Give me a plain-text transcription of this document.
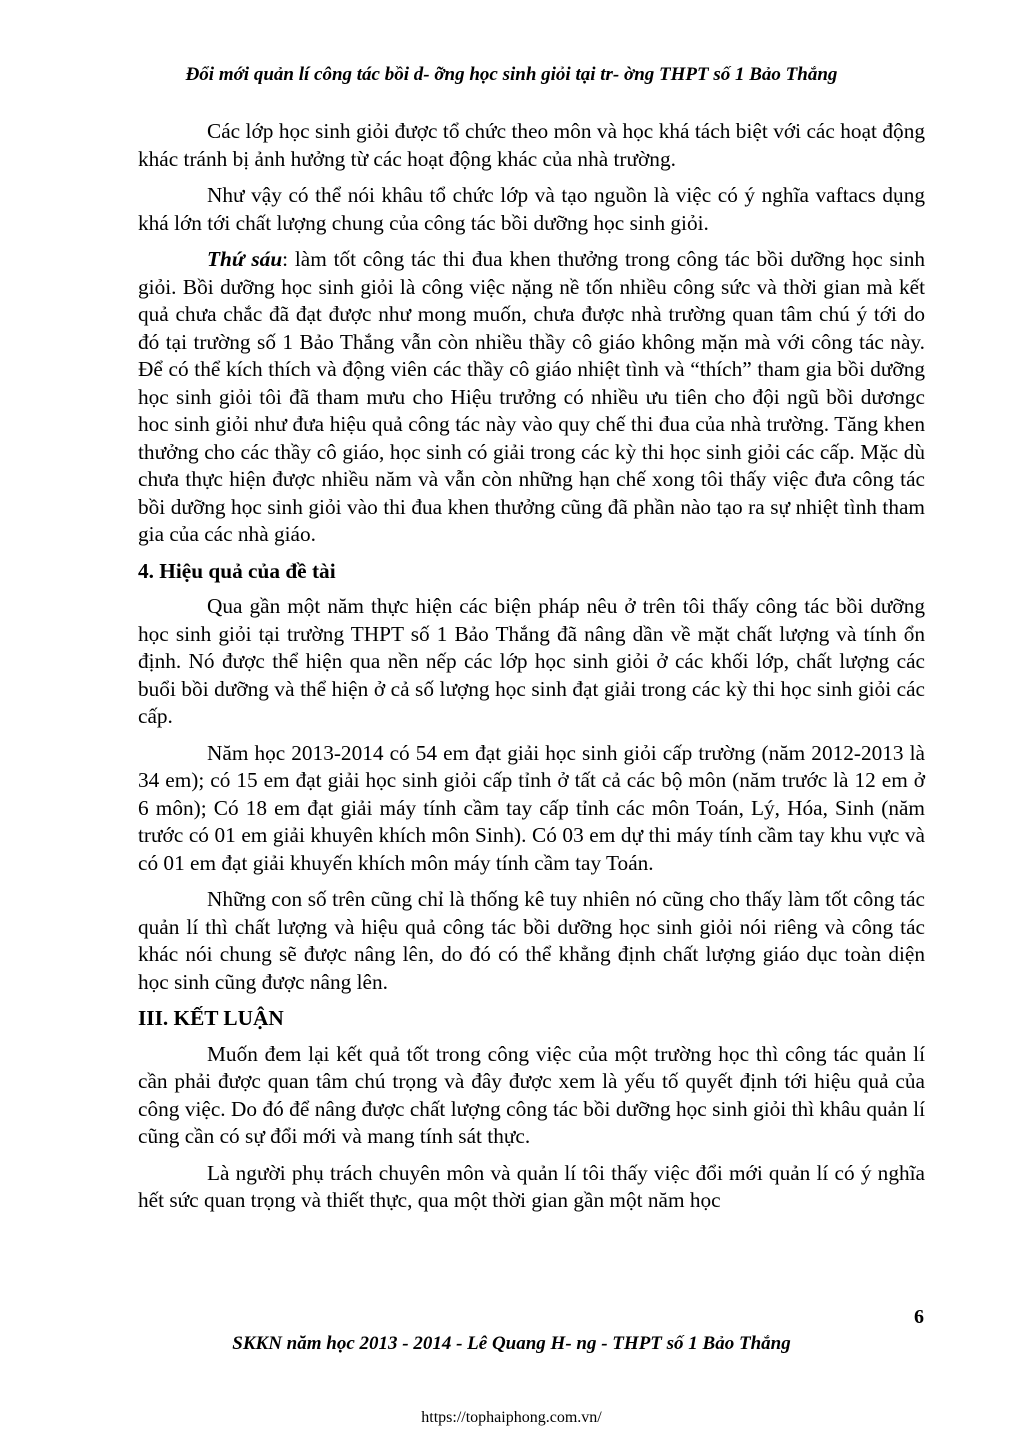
Đổi mới quản lí công tác bồi d- ỡng học sinh giỏi tại tr- ờng THPT số 1 Bảo Thắng

Các lớp học sinh giỏi được tổ chức theo môn và học khá tách biệt với các hoạt động khác tránh bị ảnh hưởng từ các hoạt động khác của nhà trường.

Như vậy có thể nói khâu tổ chức lớp và tạo nguồn là việc có ý nghĩa vaftacs dụng khá lớn tới chất lượng chung của công tác bồi dưỡng học sinh giỏi.

Thứ sáu: làm tốt công tác thi đua khen thưởng trong công tác bồi dưỡng học sinh giỏi. Bồi dưỡng học sinh giỏi là công việc nặng nề tốn nhiều công sức và thời gian mà kết quả chưa chắc đã đạt được như mong muốn, chưa được nhà trường quan tâm chú ý tới do đó tại trường số 1 Bảo Thắng vẫn còn nhiều thầy cô giáo không mặn mà với công tác này. Để có thể kích thích và động viên các thầy cô giáo nhiệt tình và “thích” tham gia bồi dưỡng học sinh giỏi tôi đã tham mưu cho Hiệu trưởng có nhiều ưu tiên cho đội ngũ bồi dươngc hoc sinh giỏi như đưa hiệu quả công tác này vào quy chế thi đua của nhà trường. Tăng khen thưởng cho các thầy cô giáo, học sinh có giải trong các kỳ thi học sinh giỏi các cấp. Mặc dù chưa thực hiện được nhiều năm và vẫn còn những hạn chế xong tôi thấy việc đưa công tác bồi dưỡng học sinh giỏi vào thi đua khen thưởng cũng đã phần nào tạo ra sự nhiệt tình tham gia của các nhà giáo.

4. Hiệu quả của đề tài

Qua gần một năm thực hiện các biện pháp nêu ở trên tôi thấy công tác bồi dưỡng học sinh giỏi tại trường THPT số 1 Bảo Thắng đã nâng dần về mặt chất lượng và tính ổn định. Nó được thể hiện qua nền nếp các lớp học sinh giỏi ở các khối lớp, chất lượng các buổi bồi dưỡng và thể hiện ở cả số lượng học sinh đạt giải trong các kỳ thi học sinh giỏi các cấp.

Năm học 2013-2014 có 54 em đạt giải học sinh giỏi cấp trường (năm 2012-2013 là 34 em); có 15 em đạt giải học sinh giỏi cấp tỉnh ở tất cả các bộ môn (năm trước là 12 em ở 6 môn); Có 18 em đạt giải máy tính cầm tay cấp tỉnh các môn Toán, Lý, Hóa, Sinh (năm trước có 01 em giải khuyên khích môn Sinh). Có 03 em dự thi máy tính cầm tay khu vực và có 01 em đạt giải khuyến khích môn máy tính cầm tay Toán.

Những con số trên cũng chỉ là thống kê tuy nhiên nó cũng cho thấy làm tốt công tác quản lí thì chất lượng và hiệu quả công tác bồi dưỡng học sinh giỏi nói riêng và công tác khác nói chung sẽ được nâng lên, do đó có thể khẳng định chất lượng giáo dục toàn diện học sinh cũng được nâng lên.

III. KẾT LUẬN

Muốn đem lại kết quả tốt trong công việc của một trường học thì công tác quản lí cần phải được quan tâm chú trọng và đây được xem là yếu tố quyết định tới hiệu quả của công việc. Do đó để nâng được chất lượng công tác bồi dưỡng học sinh giỏi thì khâu quản lí cũng cần có sự đổi mới và mang tính sát thực.

Là người phụ trách chuyên môn và quản lí tôi thấy việc đổi mới quản lí có ý nghĩa hết sức quan trọng và thiết thực, qua một thời gian gần một năm học

6
SKKN năm học 2013 - 2014 - Lê Quang H- ng - THPT số 1 Bảo Thắng
https://tophaiphong.com.vn/
